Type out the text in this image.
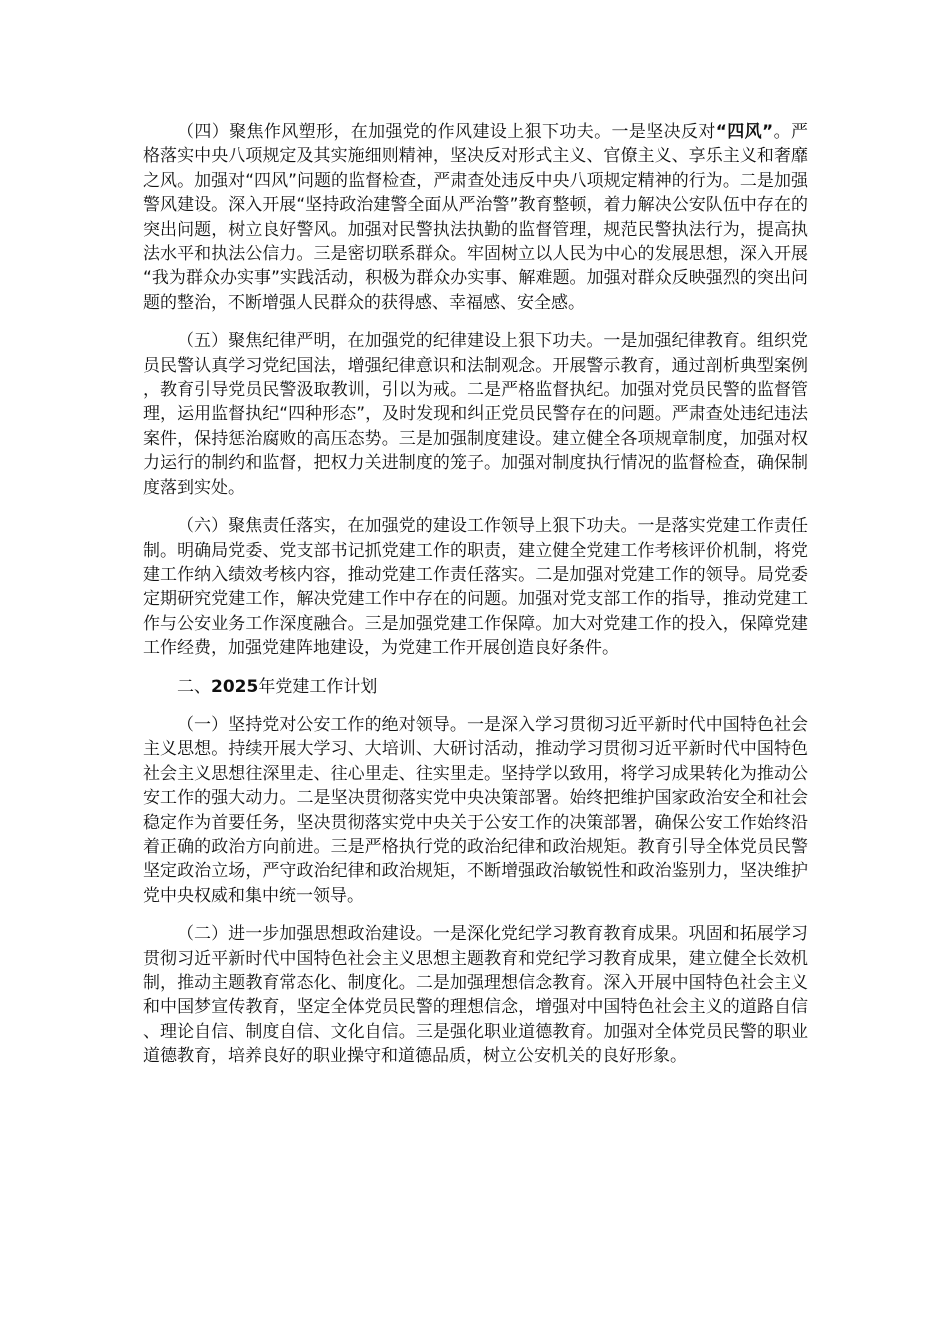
（四）聚焦作风塑形，在加强党的作风建设上狠下功夫。一是坚决反对“四风”。严格落实中央八项规定及其实施细则精神，坚决反对形式主义、官僚主义、享乐主义和奢靡之风。加强对“四风”问题的监督检查，严肃查处违反中央八项规定精神的行为。二是加强警风建设。深入开展“坚持政治建警全面从严治警”教育整顿，着力解决公安队伍中存在的突出问题，树立良好警风。加强对民警执法执勤的监督管理，规范民警执法行为，提高执法水平和执法公信力。三是密切联系群众。牢固树立以人民为中心的发展思想，深入开展“我为群众办实事”实践活动，积极为群众办实事、解难题。加强对群众反映强烈的突出问题的整治，不断增强人民群众的获得感、幸福感、安全感。

（五）聚焦纪律严明，在加强党的纪律建设上狠下功夫。一是加强纪律教育。组织党员民警认真学习党纪国法，增强纪律意识和法制观念。开展警示教育，通过剖析典型案例，教育引导党员民警汲取教训，引以为戒。二是严格监督执纪。加强对党员民警的监督管理，运用监督执纪“四种形态”，及时发现和纠正党员民警存在的问题。严肃查处违纪违法案件，保持惩治腐败的高压态势。三是加强制度建设。建立健全各项规章制度，加强对权力运行的制约和监督，把权力关进制度的笼子。加强对制度执行情况的监督检查，确保制度落到实处。

（六）聚焦责任落实，在加强党的建设工作领导上狠下功夫。一是落实党建工作责任制。明确局党委、党支部书记抓党建工作的职责，建立健全党建工作考核评价机制，将党建工作纳入绩效考核内容，推动党建工作责任落实。二是加强对党建工作的领导。局党委定期研究党建工作，解决党建工作中存在的问题。加强对党支部工作的指导，推动党建工作与公安业务工作深度融合。三是加强党建工作保障。加大对党建工作的投入，保障党建工作经费，加强党建阵地建设，为党建工作开展创造良好条件。

二、2025年党建工作计划

（一）坚持党对公安工作的绝对领导。一是深入学习贯彻习近平新时代中国特色社会主义思想。持续开展大学习、大培训、大研讨活动，推动学习贯彻习近平新时代中国特色社会主义思想往深里走、往心里走、往实里走。坚持学以致用，将学习成果转化为推动公安工作的强大动力。二是坚决贯彻落实党中央决策部署。始终把维护国家政治安全和社会稳定作为首要任务，坚决贯彻落实党中央关于公安工作的决策部署，确保公安工作始终沿着正确的政治方向前进。三是严格执行党的政治纪律和政治规矩。教育引导全体党员民警坚定政治立场，严守政治纪律和政治规矩，不断增强政治敏锐性和政治鉴别力，坚决维护党中央权威和集中统一领导。

（二）进一步加强思想政治建设。一是深化党纪学习教育教育成果。巩固和拓展学习贯彻习近平新时代中国特色社会主义思想主题教育和党纪学习教育成果，建立健全长效机制，推动主题教育常态化、制度化。二是加强理想信念教育。深入开展中国特色社会主义和中国梦宣传教育，坚定全体党员民警的理想信念，增强对中国特色社会主义的道路自信、理论自信、制度自信、文化自信。三是强化职业道德教育。加强对全体党员民警的职业道德教育，培养良好的职业操守和道德品质，树立公安机关的良好形象。
